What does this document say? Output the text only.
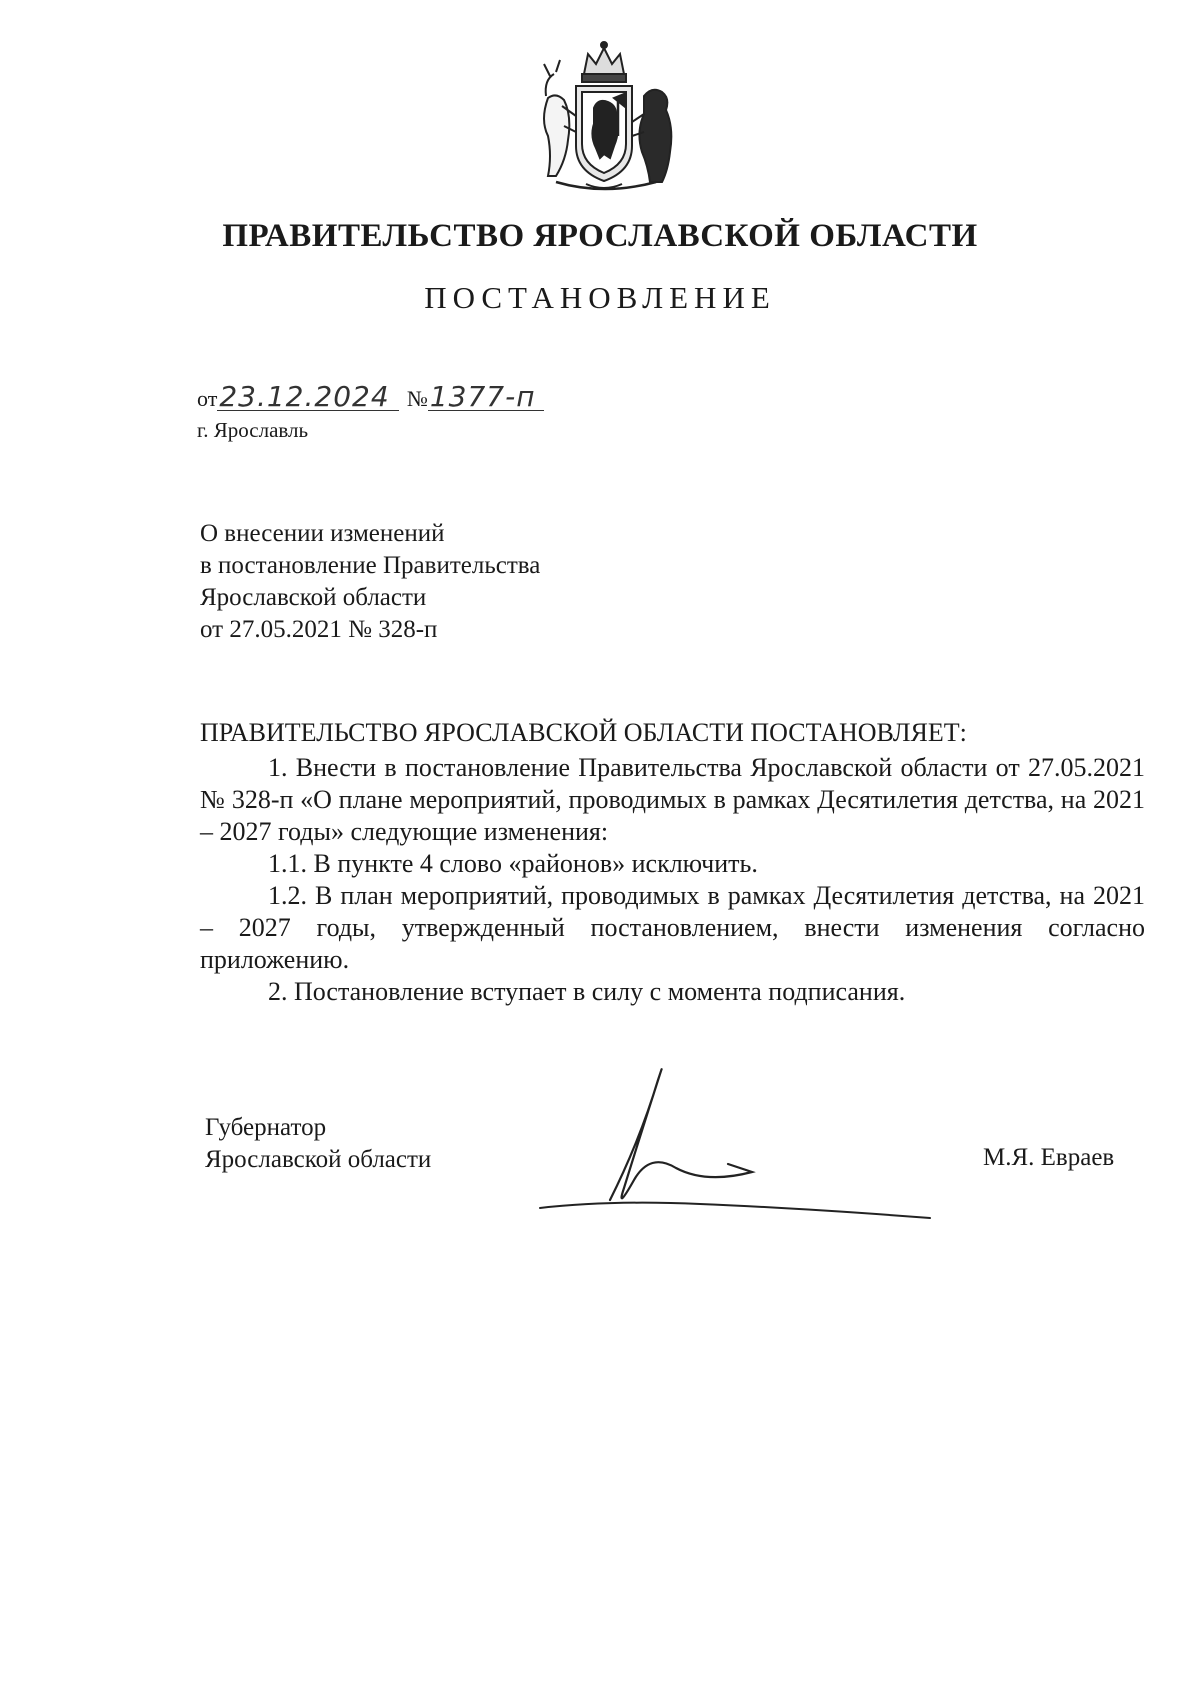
ПРАВИТЕЛЬСТВО ЯРОСЛАВСКОЙ ОБЛАСТИ
ПОСТАНОВЛЕНИЕ
от23.12.2024 №1377-п
г. Ярославль
О внесении изменений
в постановление Правительства
Ярославской области
от 27.05.2021 № 328-п
ПРАВИТЕЛЬСТВО ЯРОСЛАВСКОЙ ОБЛАСТИ ПОСТАНОВЛЯЕТ:

1. Внести в постановление Правительства Ярославской области от 27.05.2021 № 328-п «О плане мероприятий, проводимых в рамках Десятилетия детства, на 2021 – 2027 годы» следующие изменения:

1.1. В пункте 4 слово «районов» исключить.

1.2. В план мероприятий, проводимых в рамках Десятилетия детства, на 2021 – 2027 годы, утвержденный постановлением, внести изменения согласно приложению.

2. Постановление вступает в силу с момента подписания.

Губернатор
Ярославской области	М.Я. Евраев
